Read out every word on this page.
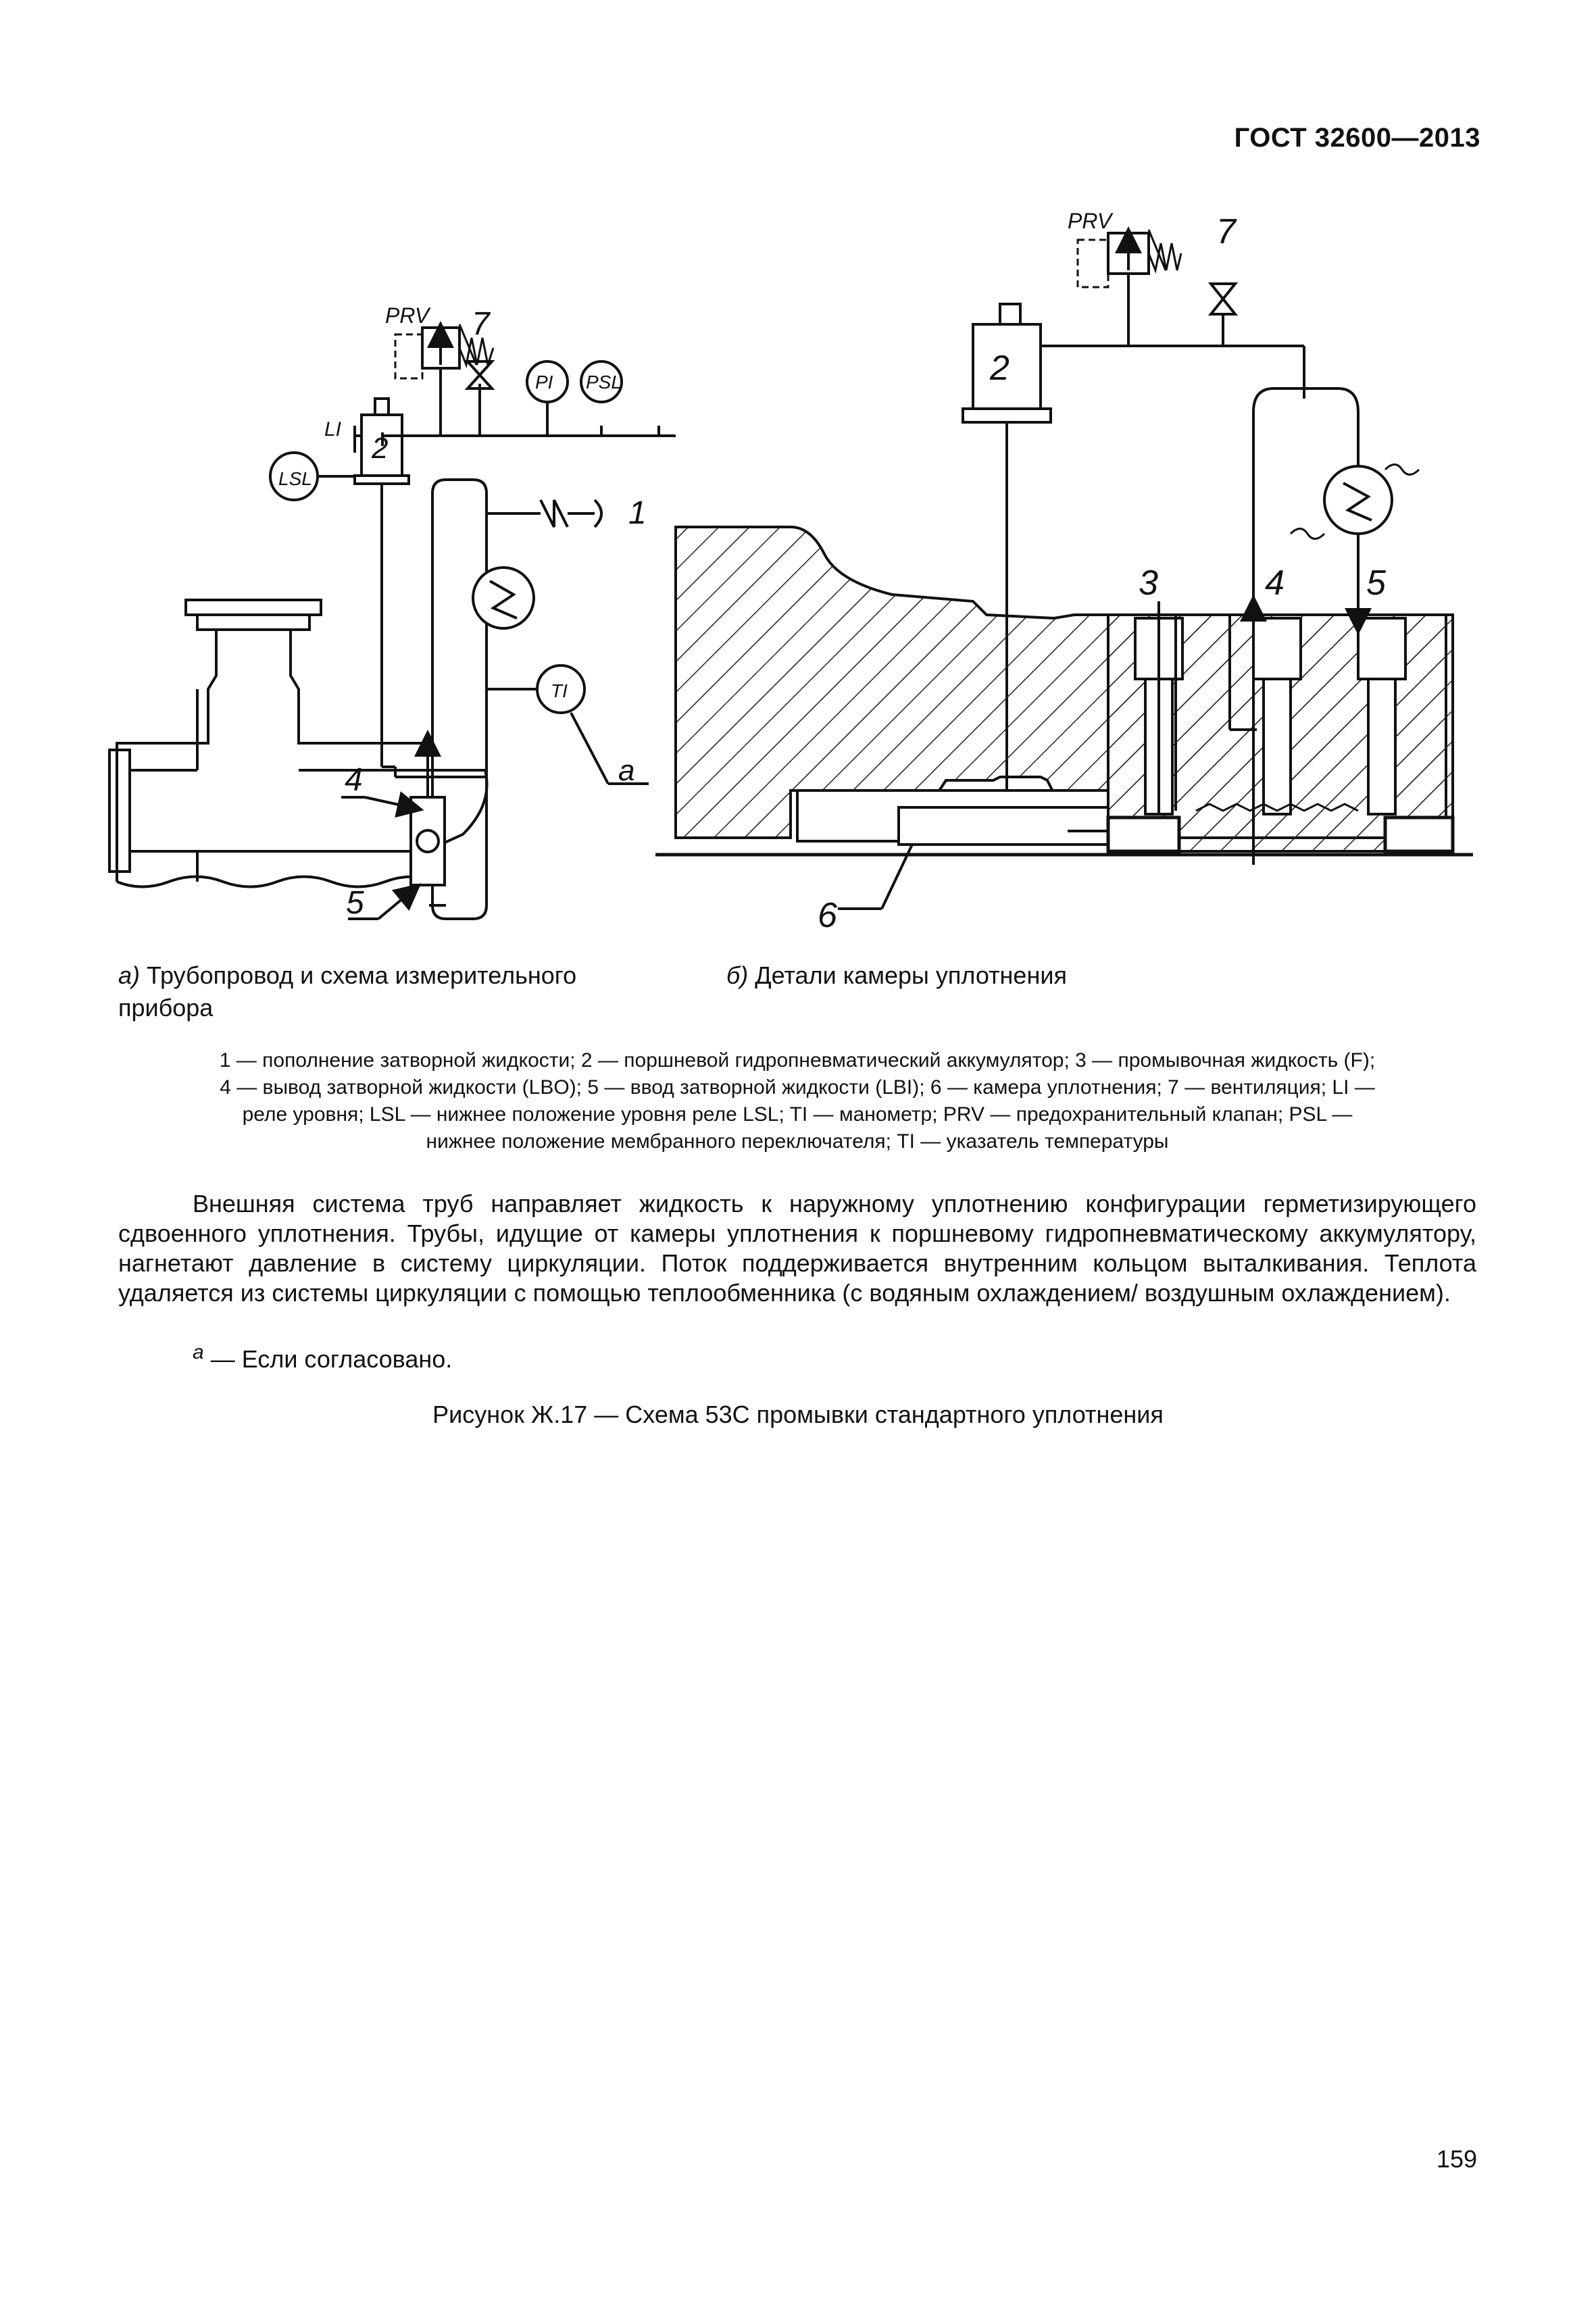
ГОСТ 32600—2013
PRV
LI
LSL
PI PSL
TI
2
7
1
4
5
a
PRV
2
7
3	4 5
6
а) Трубопровод и схема измерительного
прибора
б) Детали камеры уплотнения
1 — пополнение затворной жидкости; 2 — поршневой гидропневматический аккумулятор; 3 — промывочная жидкость (F);
4 — вывод затворной жидкости (LBO); 5 — ввод затворной жидкости (LBI); 6 — камера уплотнения; 7 — вентиляция; LI —
реле уровня; LSL — нижнее положение уровня реле LSL; TI — манометр; PRV — предохранительный клапан; PSL —
нижнее положение мембранного переключателя; TI — указатель температуры

Внешняя система труб направляет жидкость к наружному уплотнению конфигурации герметизирующего сдвоенного уплотнения. Трубы, идущие от камеры уплотнения к поршневому гидропневматическому аккумулятору, нагнетают давление в систему циркуляции. Поток поддерживается внутренним кольцом выталкивания. Теплота удаляется из системы циркуляции с помощью теплообменника (с водяным охлаждением/ воздушным охлаждением).

$^а$ — Если согласовано.
Рисунок Ж.17 — Схема 53С промывки стандартного уплотнения
159
